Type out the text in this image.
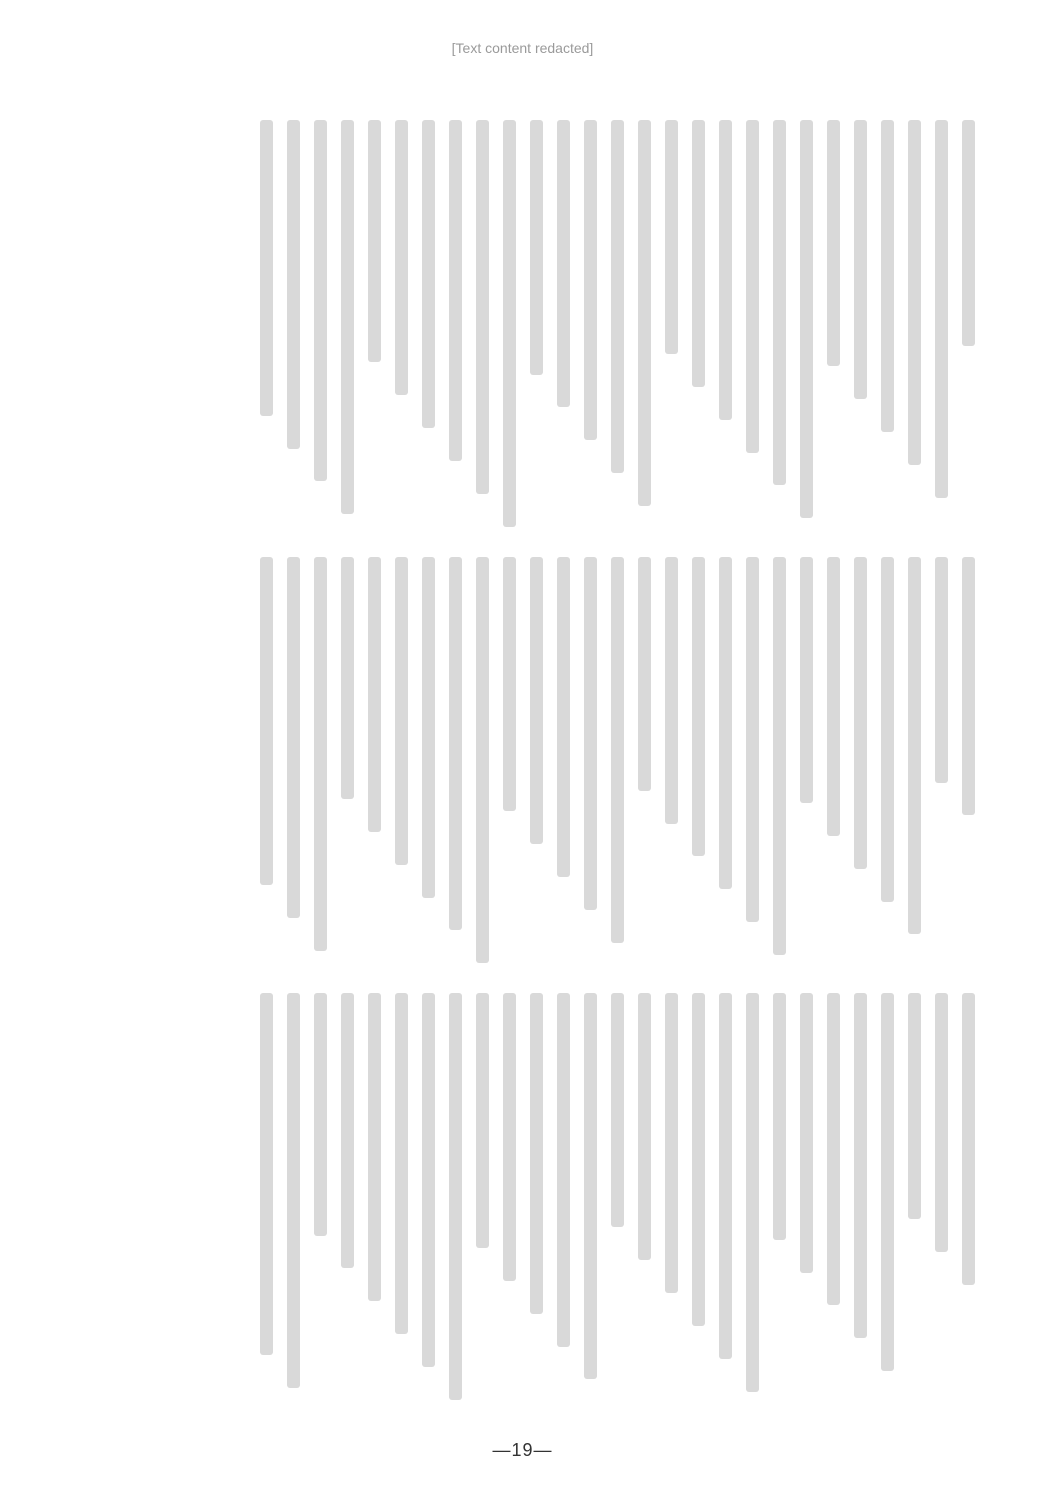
[Text content redacted]
—19—
